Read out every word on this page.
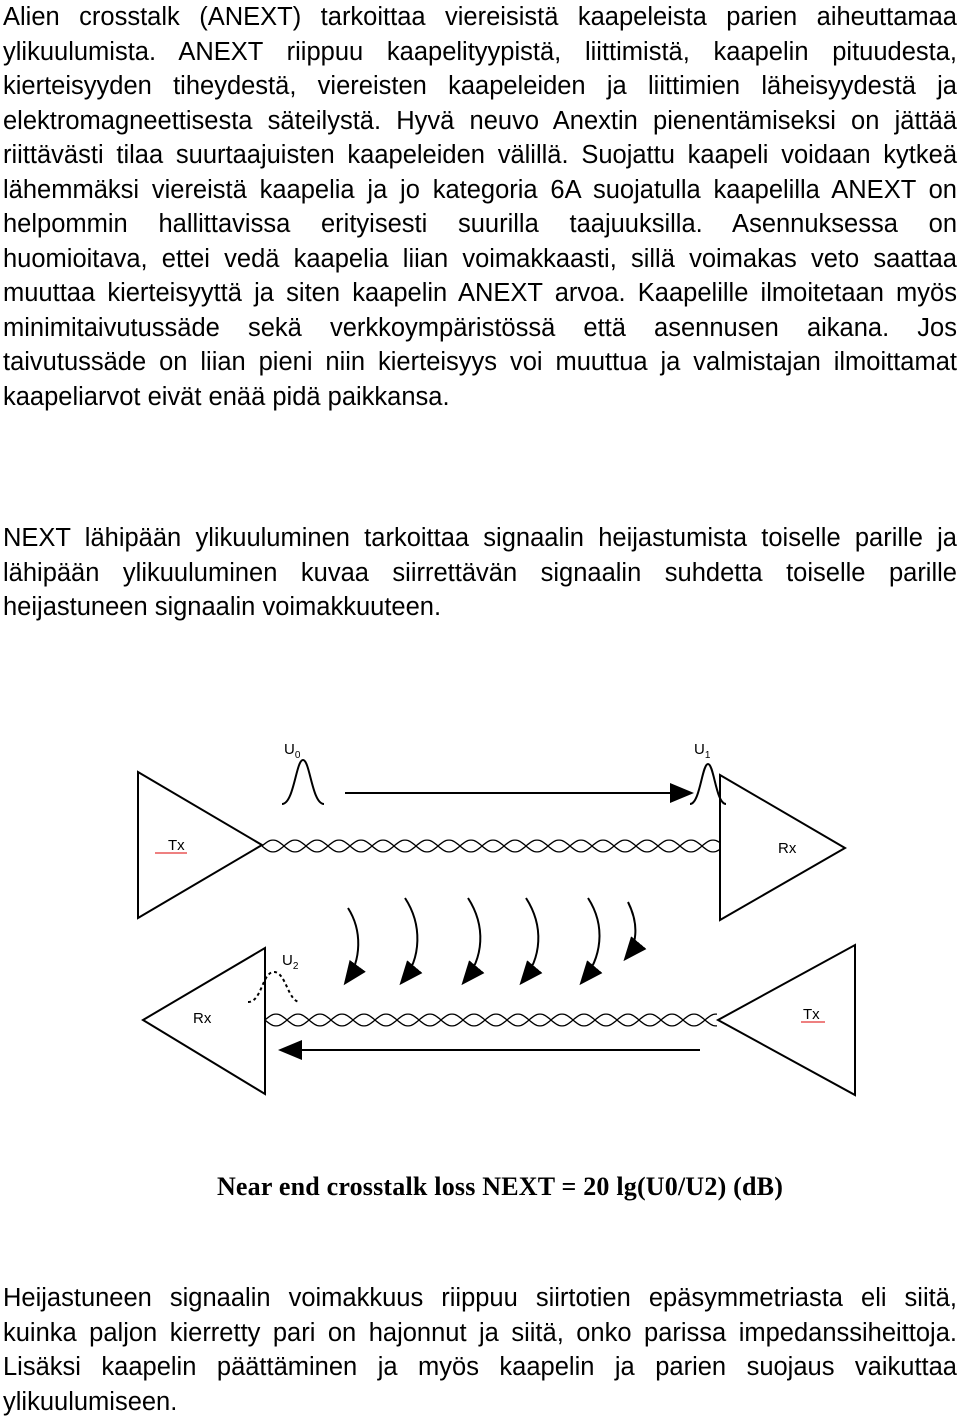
Alien crosstalk (ANEXT) tarkoittaa viereisistä kaapeleista parien aiheuttamaa ylikuulumista. ANEXT riippuu kaapelityypistä, liittimistä, kaapelin pituudesta, kierteisyyden tiheydestä, viereisten kaapeleiden ja liittimien läheisyydestä ja elektromagneettisesta säteilystä. Hyvä neuvo Anextin pienentämiseksi on jättää riittävästi tilaa suurtaajuisten kaapeleiden välillä. Suojattu kaapeli voidaan kytkeä lähemmäksi viereistä kaapelia ja jo kategoria 6A suojatulla kaapelilla ANEXT on helpommin hallittavissa erityisesti suurilla taajuuksilla. Asennuksessa on huomioitava, ettei vedä kaapelia liian voimakkaasti, sillä voimakas veto saattaa muuttaa kierteisyyttä ja siten kaapelin ANEXT arvoa. Kaapelille ilmoitetaan myös minimitaivutussäde sekä verkkoympäristössä että asennusen aikana. Jos taivutussäde on liian pieni niin kierteisyys voi muuttua ja valmistajan ilmoittamat kaapeliarvot eivät enää pidä paikkansa.

NEXT lähipään ylikuuluminen tarkoittaa signaalin heijastumista toiselle parille ja lähipään ylikuuluminen kuvaa siirrettävän signaalin suhdetta toiselle parille heijastuneen signaalin voimakkuuteen.

Tx	Rx
$U_0$	$U_1$
$U_2$
Rx	Tx
Near end crosstalk loss NEXT = 20 lg(U0/U2) (dB)

Heijastuneen signaalin voimakkuus riippuu siirtotien epäsymmetriasta eli siitä, kuinka paljon kierretty pari on hajonnut ja siitä, onko parissa impedanssiheittoja. Lisäksi kaapelin päättäminen ja myös kaapelin ja parien suojaus vaikuttaa ylikuulumiseen.
